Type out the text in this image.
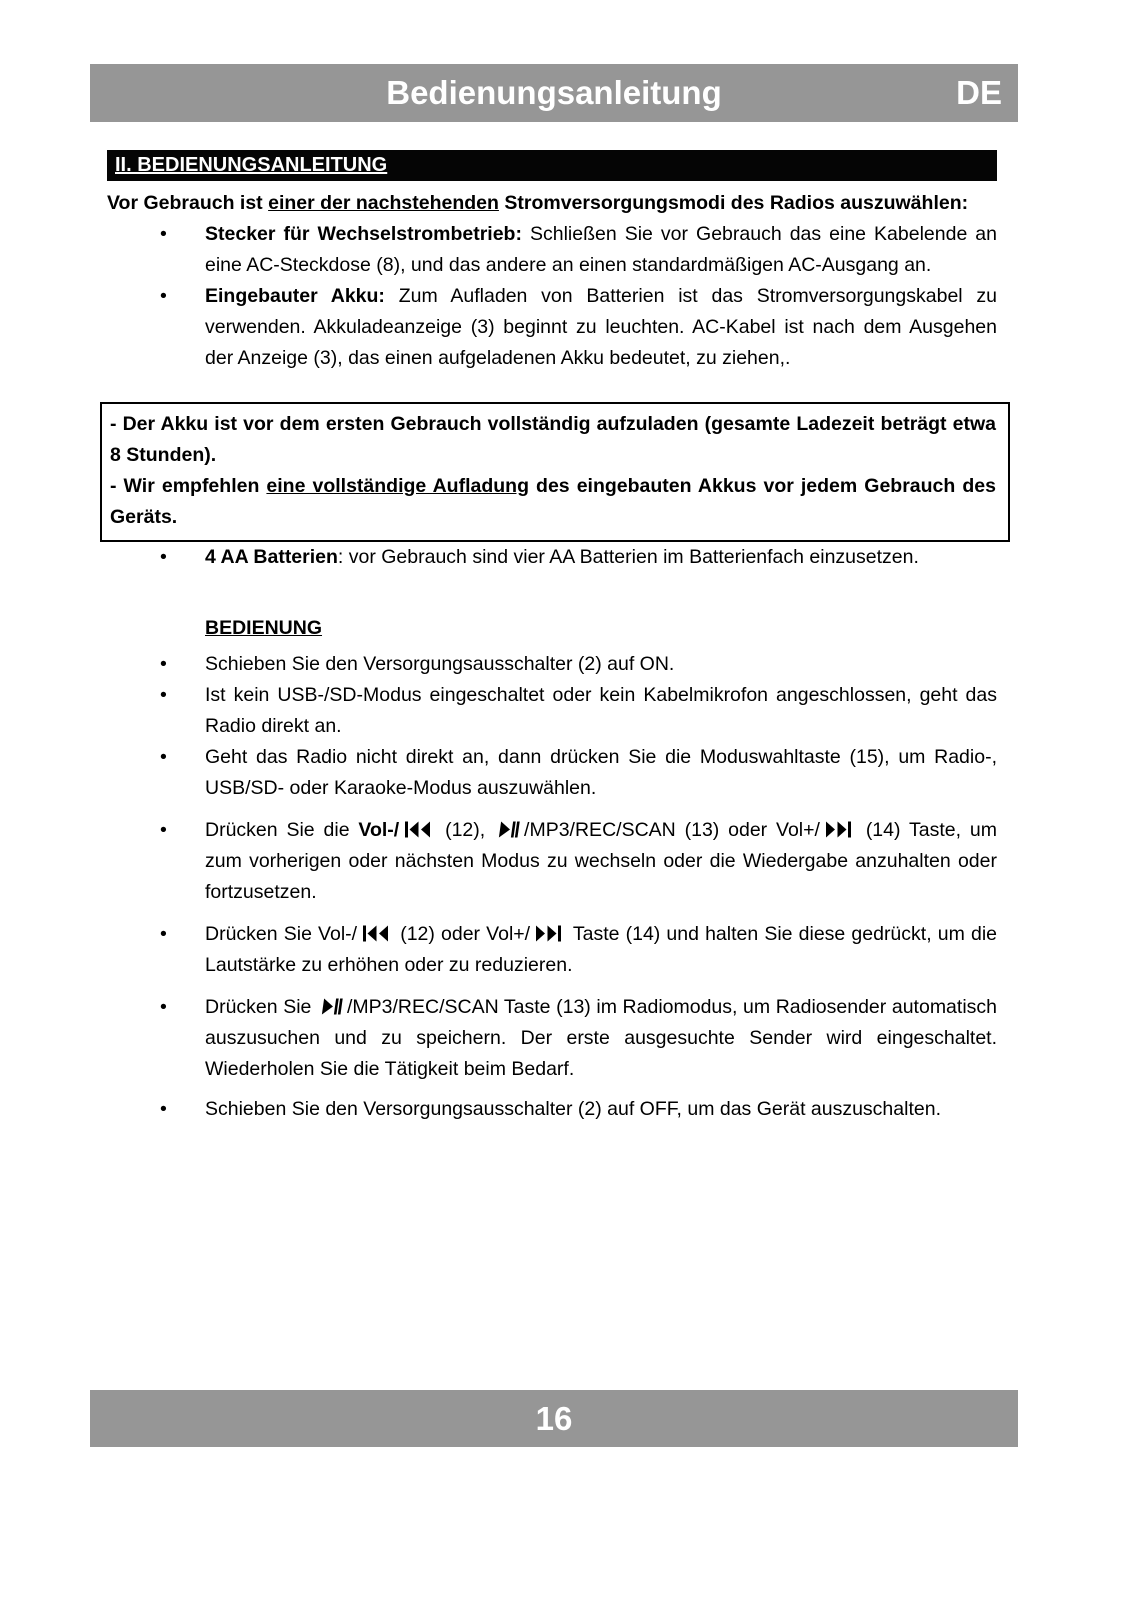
Bedienungsanleitung	DE
II. BEDIENUNGSANLEITUNG

Vor Gebrauch ist einer der nachstehenden Stromversorgungsmodi des Radios auszuwählen:

• Stecker für Wechselstrombetrieb: Schließen Sie vor Gebrauch das eine Kabelende an eine AC-Steckdose (8), und das andere an einen standardmäßigen AC-Ausgang an.
• Eingebauter Akku: Zum Aufladen von Batterien ist das Stromversorgungskabel zu verwenden. Akkuladeanzeige (3) beginnt zu leuchten. AC-Kabel ist nach dem Ausgehen der Anzeige (3), das einen aufgeladenen Akku bedeutet, zu ziehen,.

- Der Akku ist vor dem ersten Gebrauch vollständig aufzuladen (gesamte Ladezeit beträgt etwa 8 Stunden).

- Wir empfehlen eine vollständige Aufladung des eingebauten Akkus vor jedem Gebrauch des Geräts.

• 4 AA Batterien: vor Gebrauch sind vier AA Batterien im Batterienfach einzusetzen.
BEDIENUNG
• Schieben Sie den Versorgungsausschalter (2) auf ON.
• Ist kein USB-/SD-Modus eingeschaltet oder kein Kabelmikrofon angeschlossen, geht das Radio direkt an.
• Geht das Radio nicht direkt an, dann drücken Sie die Moduswahltaste (15), um Radio-, USB/SD- oder Karaoke-Modus auszuwählen.
• Drücken Sie die Vol-/ (12), /MP3/REC/SCAN (13) oder Vol+/ (14) Taste, um zum vorherigen oder nächsten Modus zu wechseln oder die Wiedergabe anzuhalten oder fortzusetzen.
• Drücken Sie Vol-/ (12) oder Vol+/ Taste (14) und halten Sie diese gedrückt, um die Lautstärke zu erhöhen oder zu reduzieren.
• Drücken Sie /MP3/REC/SCAN Taste (13) im Radiomodus, um Radiosender automatisch auszusuchen und zu speichern. Der erste ausgesuchte Sender wird eingeschaltet. Wiederholen Sie die Tätigkeit beim Bedarf.
• Schieben Sie den Versorgungsausschalter (2) auf OFF, um das Gerät auszuschalten.
16
